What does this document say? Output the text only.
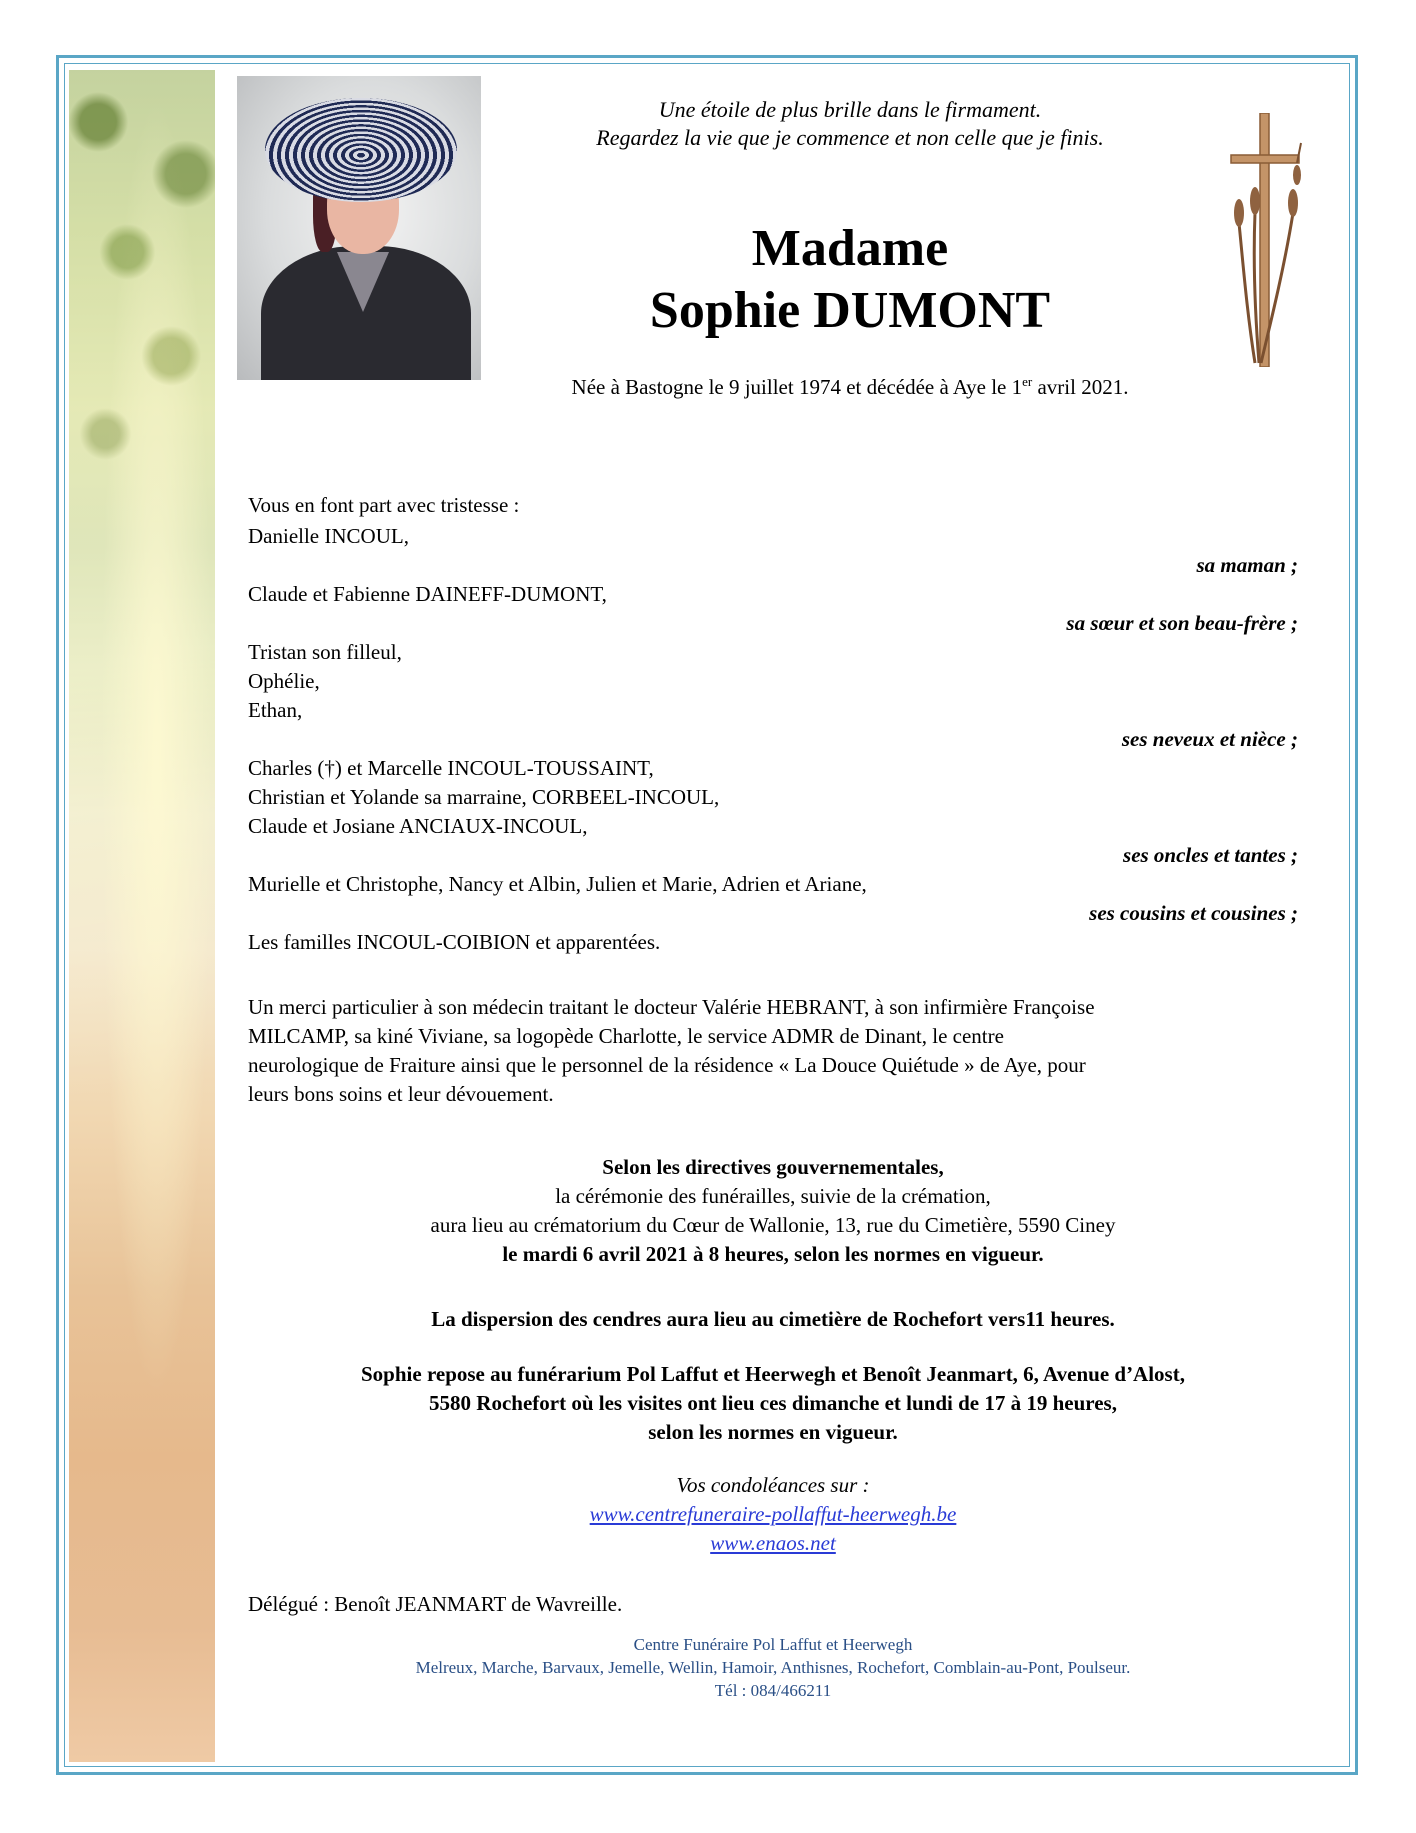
Une étoile de plus brille dans le firmament.
Regardez la vie que je commence et non celle que je finis.
Madame
Sophie DUMONT
Née à Bastogne le 9 juillet 1974 et décédée à Aye le 1er avril 2021.
Vous en font part avec tristesse :
Danielle INCOUL,
sa maman ;
Claude et Fabienne DAINEFF-DUMONT,
sa sœur et son beau-frère ;
Tristan son filleul,
Ophélie,
Ethan,
ses neveux et nièce ;
Charles (†) et Marcelle INCOUL-TOUSSAINT,
Christian et Yolande sa marraine, CORBEEL-INCOUL,
Claude et Josiane ANCIAUX-INCOUL,
ses oncles et tantes ;
Murielle et Christophe, Nancy et Albin, Julien et Marie, Adrien et Ariane,
ses cousins et cousines ;
Les familles INCOUL-COIBION et apparentées.
Un merci particulier à son médecin traitant le docteur Valérie HEBRANT, à son infirmière Françoise
MILCAMP, sa kiné Viviane, sa logopède Charlotte, le service ADMR de Dinant, le centre
neurologique de Fraiture ainsi que le personnel de la résidence « La Douce Quiétude » de Aye, pour
leurs bons soins et leur dévouement.
Selon les directives gouvernementales,
la cérémonie des funérailles, suivie de la crémation,
aura lieu au crématorium du Cœur de Wallonie, 13, rue du Cimetière, 5590 Ciney
le mardi 6 avril 2021 à 8 heures, selon les normes en vigueur.
La dispersion des cendres aura lieu au cimetière de Rochefort vers11 heures.
Sophie repose au funérarium Pol Laffut et Heerwegh et Benoît Jeanmart, 6, Avenue d’Alost,
5580 Rochefort où les visites ont lieu ces dimanche et lundi de 17 à 19 heures,
selon les normes en vigueur.
Vos condoléances sur :
www.centrefuneraire-pollaffut-heerwegh.be
www.enaos.net
Délégué : Benoît JEANMART de Wavreille.
Centre Funéraire Pol Laffut et Heerwegh
Melreux, Marche, Barvaux, Jemelle, Wellin, Hamoir, Anthisnes, Rochefort, Comblain-au-Pont, Poulseur.
Tél : 084/466211
